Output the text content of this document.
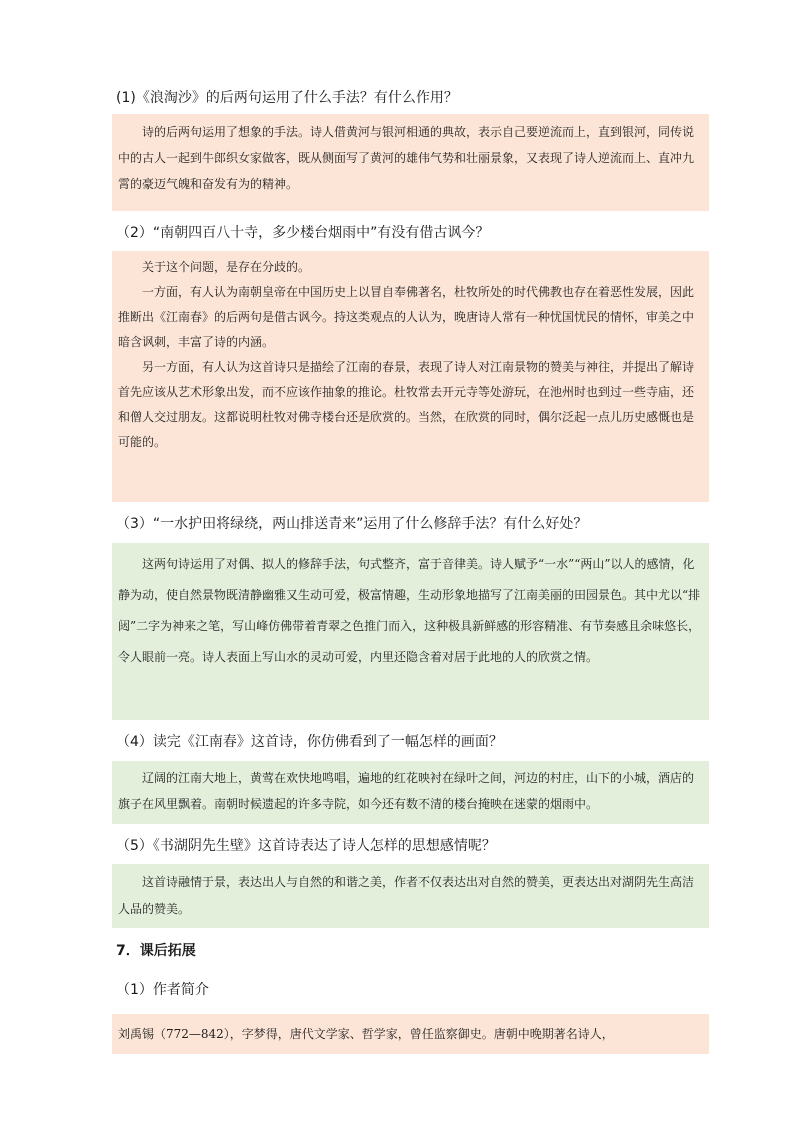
(1)《浪淘沙》的后两句运用了什么手法？有什么作用？

诗的后两句运用了想象的手法。诗人借黄河与银河相通的典故，表示自己要逆流而上，直到银河，同传说中的古人一起到牛郎织女家做客，既从侧面写了黄河的雄伟气势和壮丽景象，又表现了诗人逆流而上、直冲九霄的豪迈气魄和奋发有为的精神。

（2）“南朝四百八十寺，多少楼台烟雨中”有没有借古讽今？

关于这个问题，是存在分歧的。

一方面，有人认为南朝皇帝在中国历史上以冒自奉佛著名，杜牧所处的时代佛教也存在着恶性发展，因此推断出《江南春》的后两句是借古讽今。持这类观点的人认为，晚唐诗人常有一种忧国忧民的情怀，审美之中暗含讽刺，丰富了诗的内涵。

另一方面，有人认为这首诗只是描绘了江南的春景，表现了诗人对江南景物的赞美与神往，并提出了解诗首先应该从艺术形象出发，而不应该作抽象的推论。杜牧常去开元寺等处游玩，在池州时也到过一些寺庙，还和僧人交过朋友。这都说明杜牧对佛寺楼台还是欣赏的。当然，在欣赏的同时，偶尔泛起一点儿历史感慨也是可能的。

（3）“一水护田将绿绕，两山排送青来”运用了什么修辞手法？有什么好处？

这两句诗运用了对偶、拟人的修辞手法，句式整齐，富于音律美。诗人赋予“一水”“两山”以人的感情，化静为动，使自然景物既清静幽雅又生动可爱，极富情趣，生动形象地描写了江南美丽的田园景色。其中尤以“排闼”二字为神来之笔，写山峰仿佛带着青翠之色推门而入，这种极具新鲜感的形容精准、有节奏感且余味悠长，令人眼前一亮。诗人表面上写山水的灵动可爱，内里还隐含着对居于此地的人的欣赏之情。

（4）读完《江南春》这首诗，你仿佛看到了一幅怎样的画面？

辽阔的江南大地上，黄莺在欢快地鸣唱，遍地的红花映衬在绿叶之间，河边的村庄，山下的小城，酒店的旗子在风里飘着。南朝时候遗起的许多寺院，如今还有数不清的楼台掩映在迷蒙的烟雨中。

（5）《书湖阴先生壁》这首诗表达了诗人怎样的思想感情呢？

这首诗融情于景，表达出人与自然的和谐之美，作者不仅表达出对自然的赞美，更表达出对湖阴先生高洁人品的赞美。

7．课后拓展
（1）作者简介

刘禹锡（772—842），字梦得，唐代文学家、哲学家，曾任监察御史。唐朝中晚期著名诗人，
